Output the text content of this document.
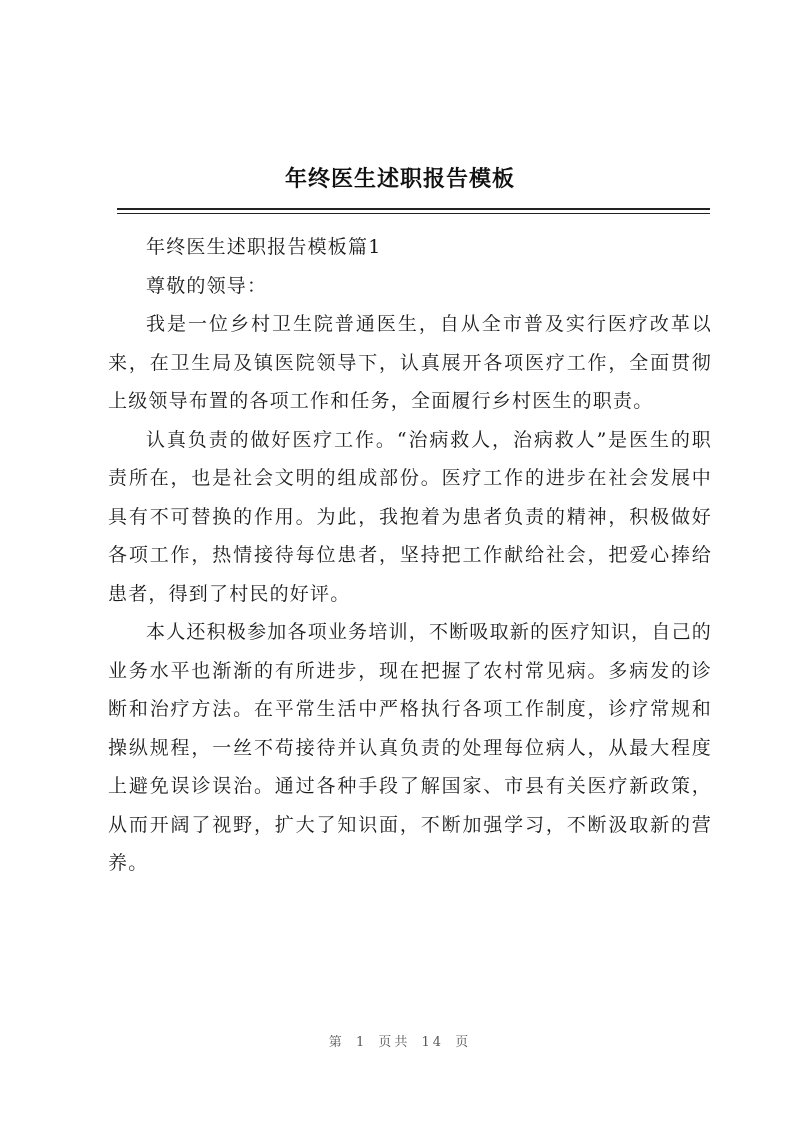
年终医生述职报告模板

年终医生述职报告模板篇1

尊敬的领导：

我是一位乡村卫生院普通医生，自从全市普及实行医疗改革以来，在卫生局及镇医院领导下，认真展开各项医疗工作，全面贯彻上级领导布置的各项工作和任务，全面履行乡村医生的职责。

认真负责的做好医疗工作。“治病救人，治病救人”是医生的职责所在，也是社会文明的组成部份。医疗工作的进步在社会发展中具有不可替换的作用。为此，我抱着为患者负责的精神，积极做好各项工作，热情接待每位患者，坚持把工作献给社会，把爱心捧给患者，得到了村民的好评。

本人还积极参加各项业务培训，不断吸取新的医疗知识，自己的业务水平也渐渐的有所进步，现在把握了农村常见病。多病发的诊断和治疗方法。在平常生活中严格执行各项工作制度，诊疗常规和操纵规程，一丝不苟接待并认真负责的处理每位病人，从最大程度上避免误诊误治。通过各种手段了解国家、市县有关医疗新政策，从而开阔了视野，扩大了知识面，不断加强学习，不断汲取新的营养。

第 1 页共 14 页
